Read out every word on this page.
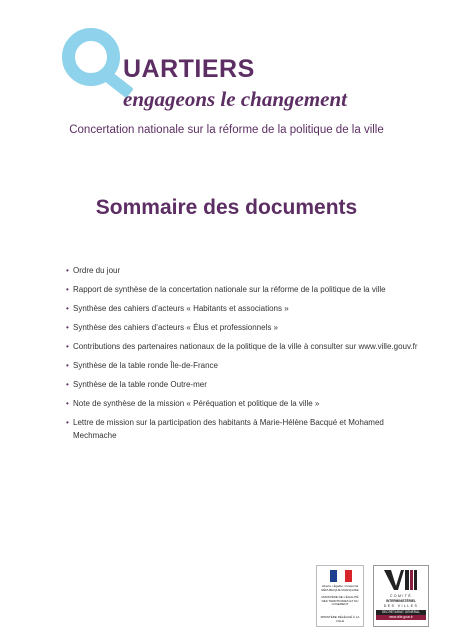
UARTIERS
engageons le changement
Concertation nationale sur la réforme de la politique de la ville
Sommaire des documents
• Ordre du jour
• Rapport de synthèse de la concertation nationale sur la réforme de la politique de la ville
• Synthèse des cahiers d’acteurs « Habitants et associations »
• Synthèse des cahiers d’acteurs « Élus et professionnels »
• Contributions des partenaires nationaux de la politique de la ville à consulter sur www.ville.gouv.fr
• Synthèse de la table ronde Île-de-France
• Synthèse de la table ronde Outre-mer
• Note de synthèse de la mission « Péréquation et politique de la ville »
• Lettre de mission sur la participation des habitants à Marie-Hélène Bacqué et Mohamed Mechmache
Liberté • Égalité • Fraternité
RÉPUBLIQUE FRANÇAISE
MINISTÈRE DE L'ÉGALITÉ DES TERRITOIRES ET DU LOGEMENT
MINISTÈRE DÉLÉGUÉ À LA VILLE
COMITÉ
INTERMINISTÉRIEL
DES VILLES
SECRÉTARIAT GÉNÉRAL
www.ville.gouv.fr
